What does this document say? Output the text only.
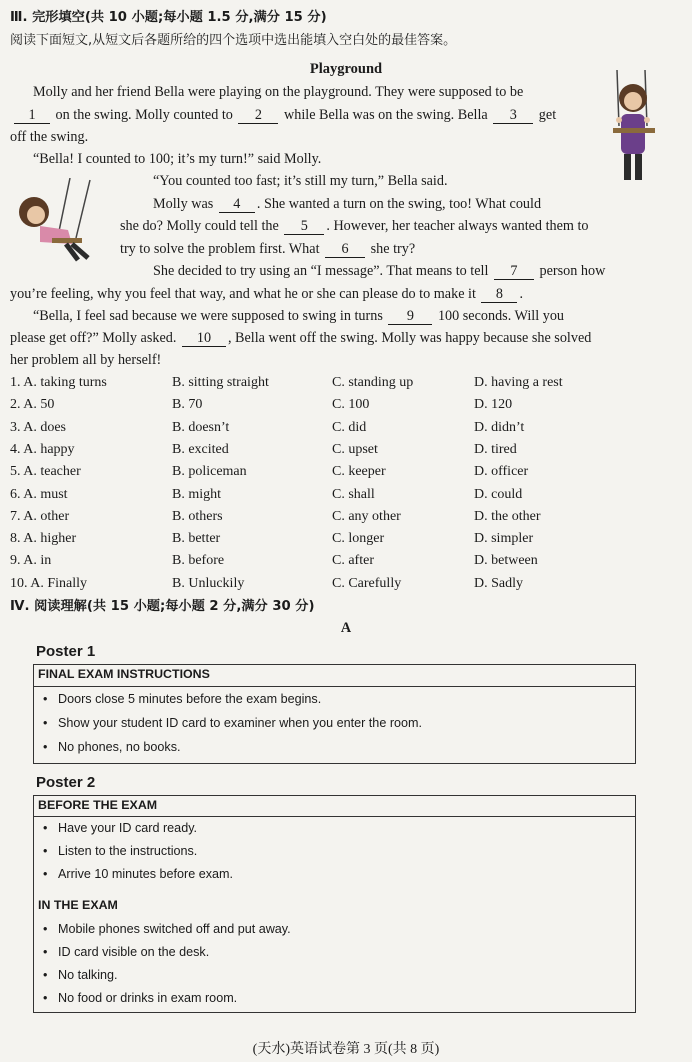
Ⅲ. 完形填空(共 10 小题;每小题 1.5 分,满分 15 分)
阅读下面短文,从短文后各题所给的四个选项中选出能填入空白处的最佳答案。
Playground
Molly and her friend Bella were playing on the playground. They were supposed to be
1 on the swing. Molly counted to 2 while Bella was on the swing. Bella 3 get
off the swing.
“Bella! I counted to 100; it’s my turn!” said Molly.
“You counted too fast; it’s still my turn,” Bella said.
Molly was 4 . She wanted a turn on the swing, too! What could
she do? Molly could tell the 5 . However, her teacher always wanted them to
try to solve the problem first. What 6 she try?
She decided to try using an “I message”. That means to tell 7 person how
you’re feeling, why you feel that way, and what he or she can please do to make it 8 .
“Bella, I feel sad because we were supposed to swing in turns 9 100 seconds. Will you
please get off?” Molly asked. 10 , Bella went off the swing. Molly was happy because she solved
her problem all by herself!
1. A. taking turns	B. sitting straight	C. standing up	D. having a rest
2. A. 50	B. 70	C. 100	D. 120
3. A. does	B. doesn’t	C. did	D. didn’t
4. A. happy	B. excited	C. upset	D. tired
5. A. teacher	B. policeman	C. keeper	D. officer
6. A. must	B. might	C. shall	D. could
7. A. other	B. others	C. any other	D. the other
8. A. higher	B. better	C. longer	D. simpler
9. A. in	B. before	C. after	D. between
10. A. Finally	B. Unluckily	C. Carefully	D. Sadly
Ⅳ. 阅读理解(共 15 小题;每小题 2 分,满分 30 分)
A
Poster 1
FINAL EXAM INSTRUCTIONS
• Doors close 5 minutes before the exam begins.
• Show your student ID card to examiner when you enter the room.
• No phones, no books.
Poster 2
BEFORE THE EXAM
• Have your ID card ready.
• Listen to the instructions.
• Arrive 10 minutes before exam.
IN THE EXAM
• Mobile phones switched off and put away.
• ID card visible on the desk.
• No talking.
• No food or drinks in exam room.
(天水)英语试卷第 3 页(共 8 页)
